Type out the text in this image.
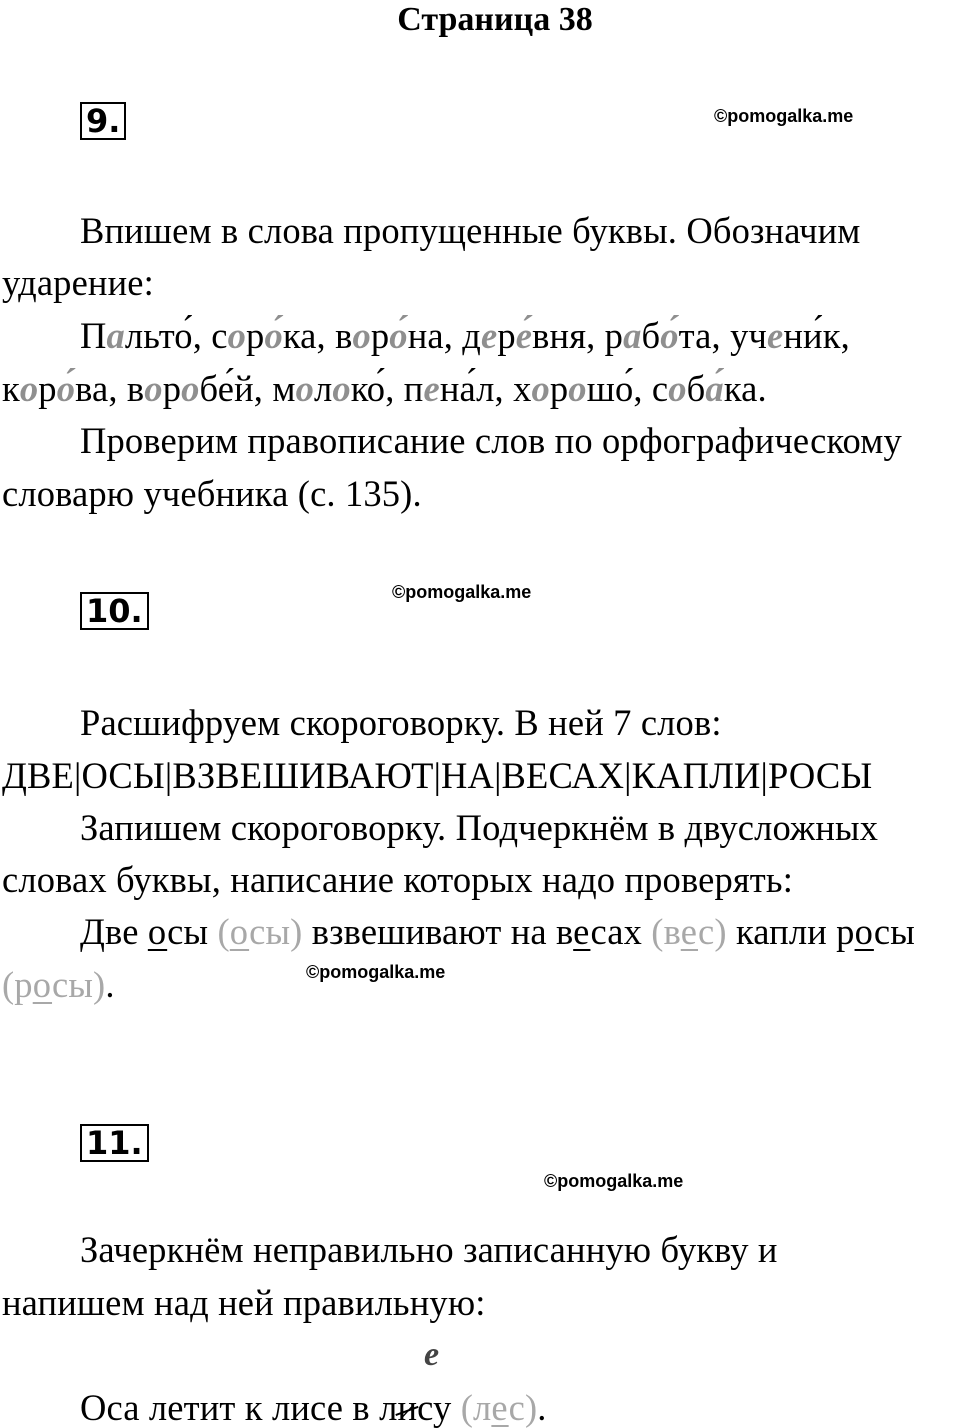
Страница 38
9.	©pomogalka.me
Впишем в слова пропущенные буквы. Обозначим
ударение:
Пальто́, соро́ка, воро́на, дере́вня, рабо́та, учени́к,
коро́ва, воробе́й, молоко́, пена́л, хорошо́, соба́ка.
Проверим правописание слов по орфографическому
словарю учебника (с. 135).
10.	©pomogalka.me
Расшифруем скороговорку. В ней 7 слов:
ДВЕ|ОСЫ|ВЗВЕШИВАЮТ|НА|ВЕСАХ|КАПЛИ|РОСЫ
Запишем скороговорку. Подчеркнём в двусложных
словах буквы, написание которых надо проверять:
Две осы (осы) взвешивают на весах (вес) капли росы
(росы).	©pomogalka.me
11.
©pomogalka.me
Зачеркнём неправильно записанную букву и
напишем над ней правильную:
е
Оса летит к лисе в лису (лес).
